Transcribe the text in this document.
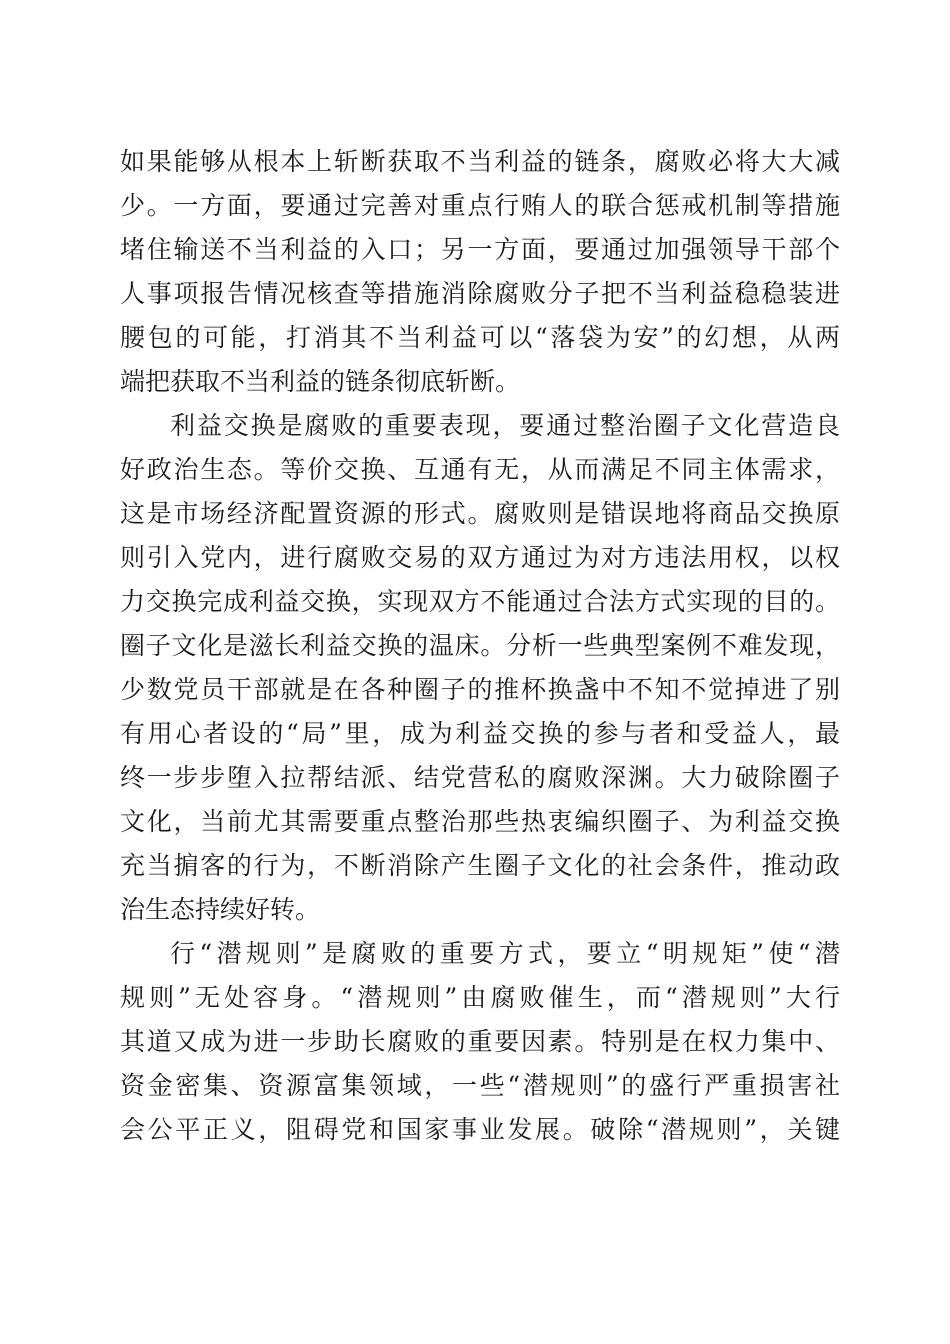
如果能够从根本上斩断获取不当利益的链条，腐败必将大大减
少。一方面，要通过完善对重点行贿人的联合惩戒机制等措施
堵住输送不当利益的入口；另一方面，要通过加强领导干部个
人事项报告情况核查等措施消除腐败分子把不当利益稳稳装进
腰包的可能，打消其不当利益可以“落袋为安”的幻想，从两
端把获取不当利益的链条彻底斩断。
利益交换是腐败的重要表现，要通过整治圈子文化营造良
好政治生态。等价交换、互通有无，从而满足不同主体需求，
这是市场经济配置资源的形式。腐败则是错误地将商品交换原
则引入党内，进行腐败交易的双方通过为对方违法用权，以权
力交换完成利益交换，实现双方不能通过合法方式实现的目的。
圈子文化是滋长利益交换的温床。分析一些典型案例不难发现，
少数党员干部就是在各种圈子的推杯换盏中不知不觉掉进了别
有用心者设的“局”里，成为利益交换的参与者和受益人，最
终一步步堕入拉帮结派、结党营私的腐败深渊。大力破除圈子
文化，当前尤其需要重点整治那些热衷编织圈子、为利益交换
充当掮客的行为，不断消除产生圈子文化的社会条件，推动政
治生态持续好转。
行“潜规则”是腐败的重要方式，要立“明规矩”使“潜
规则”无处容身。“潜规则”由腐败催生，而“潜规则”大行
其道又成为进一步助长腐败的重要因素。特别是在权力集中、
资金密集、资源富集领域，一些“潜规则”的盛行严重损害社
会公平正义，阻碍党和国家事业发展。破除“潜规则”，关键
